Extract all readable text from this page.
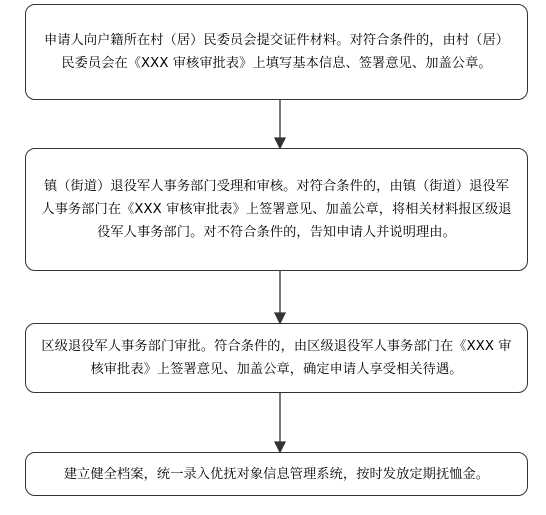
申请人向户籍所在村（居）民委员会提交证件材料。对符合条件的，由村（居）民委员会在《XXX 审核审批表》上填写基本信息、签署意见、加盖公章。
镇（街道）退役军人事务部门受理和审核。对符合条件的，由镇（街道）退役军人事务部门在《XXX 审核审批表》上签署意见、加盖公章，将相关材料报区级退役军人事务部门。对不符合条件的，告知申请人并说明理由。
区级退役军人事务部门审批。符合条件的，由区级退役军人事务部门在《XXX 审核审批表》上签署意见、加盖公章，确定申请人享受相关待遇。
建立健全档案，统一录入优抚对象信息管理系统，按时发放定期抚恤金。
